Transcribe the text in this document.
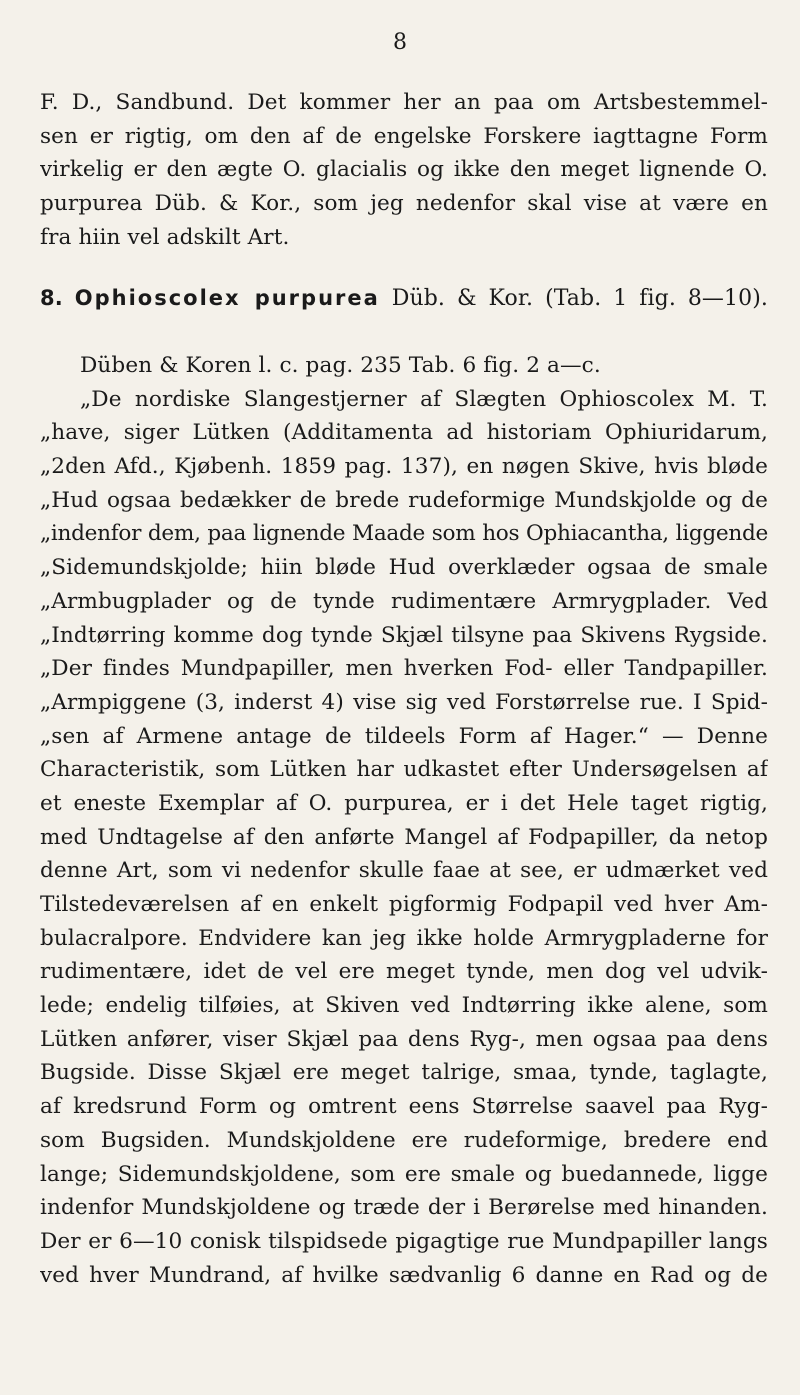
8
F. D., Sandbund. Det kommer her an paa om Artsbestemmel-
sen er rigtig, om den af de engelske Forskere iagttagne Form
virkelig er den ægte O. glacialis og ikke den meget lignende O.
purpurea Düb. & Kor., som jeg nedenfor skal vise at være en
fra hiin vel adskilt Art.
8. Ophioscolex purpurea Düb. & Kor. (Tab. 1 fig. 8—10).
Düben & Koren l. c. pag. 235 Tab. 6 fig. 2 a—c.
„De nordiske Slangestjerner af Slægten Ophioscolex M. T.
„have, siger Lütken (Additamenta ad historiam Ophiuridarum,
„2den Afd., Kjøbenh. 1859 pag. 137), en nøgen Skive, hvis bløde
„Hud ogsaa bedækker de brede rudeformige Mundskjolde og de
„indenfor dem, paa lignende Maade som hos Ophiacantha, liggende
„Sidemundskjolde; hiin bløde Hud overklæder ogsaa de smale
„Armbugplader og de tynde rudimentære Armrygplader. Ved
„Indtørring komme dog tynde Skjæl tilsyne paa Skivens Rygside.
„Der findes Mundpapiller, men hverken Fod- eller Tandpapiller.
„Armpiggene (3, inderst 4) vise sig ved Forstørrelse rue. I Spid-
„sen af Armene antage de tildeels Form af Hager.“ — Denne
Characteristik, som Lütken har udkastet efter Undersøgelsen af
et eneste Exemplar af O. purpurea, er i det Hele taget rigtig,
med Undtagelse af den anførte Mangel af Fodpapiller, da netop
denne Art, som vi nedenfor skulle faae at see, er udmærket ved
Tilstedeværelsen af en enkelt pigformig Fodpapil ved hver Am-
bulacralpore. Endvidere kan jeg ikke holde Armrygpladerne for
rudimentære, idet de vel ere meget tynde, men dog vel udvik-
lede; endelig tilføies, at Skiven ved Indtørring ikke alene, som
Lütken anfører, viser Skjæl paa dens Ryg-, men ogsaa paa dens
Bugside. Disse Skjæl ere meget talrige, smaa, tynde, taglagte,
af kredsrund Form og omtrent eens Størrelse saavel paa Ryg-
som Bugsiden. Mundskjoldene ere rudeformige, bredere end
lange; Sidemundskjoldene, som ere smale og buedannede, ligge
indenfor Mundskjoldene og træde der i Berørelse med hinanden.
Der er 6—10 conisk tilspidsede pigagtige rue Mundpapiller langs
ved hver Mundrand, af hvilke sædvanlig 6 danne en Rad og de
